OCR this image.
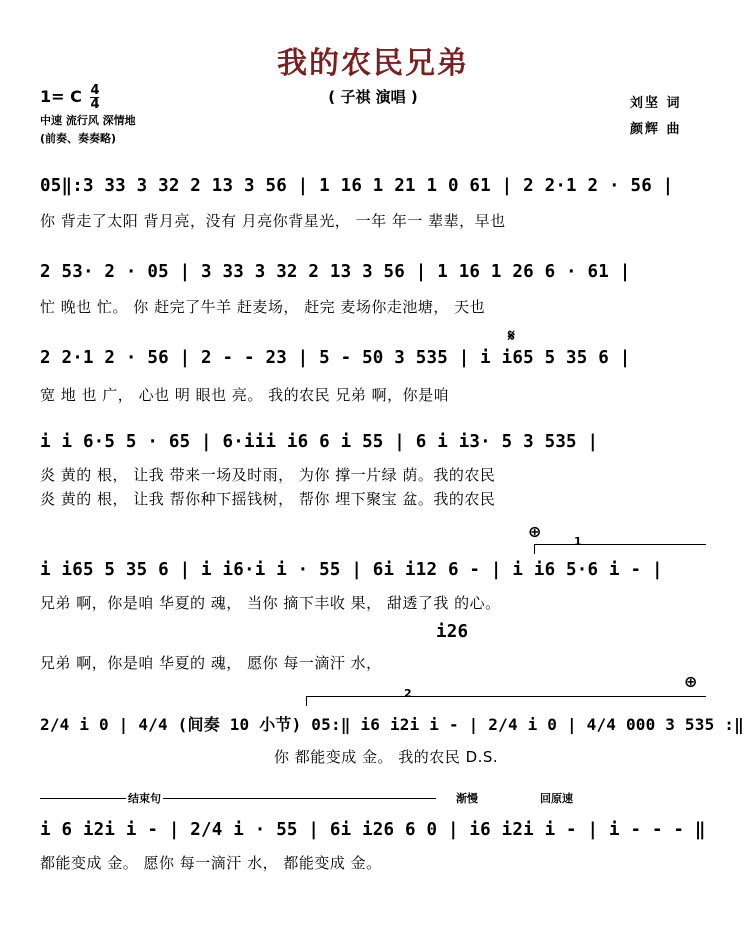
我的农民兄弟
( 子祺 演唱 )
1= C $\frac{4}{4}$
中速 流行风 深情地
(前奏、奏奏略)
刘坚 词
颜辉 曲
05‖:3 33 3 32 2 13 3 56 | 1 16 1 21 1 0 61 | 2 2·1 2 · 56 |
你 背走了太阳 背月亮，没有 月亮你背星光， 一年 年一 辈辈，早也
2 53· 2 · 05 | 3 33 3 32 2 13 3 56 | 1 16 1 26 6 · 61 |
忙 晚也 忙。 你 赶完了牛羊 赶麦场， 赶完 麦场你走池塘， 天也
𝄋
2 2·1 2 · 56 | 2 - - 23 | 5 - 50 3 535 | i i65 5 35 6 |
宽 地 也 广， 心也 明 眼也 亮。 我的农民 兄弟 啊，你是咱
i i 6·5 5 · 65 | 6·iii i6 6 i 55 | 6 i i3· 5 3 535 |
炎 黄的 根， 让我 带来一场及时雨， 为你 撑一片绿 荫。我的农民
炎 黄的 根， 让我 帮你种下摇钱树， 帮你 埋下聚宝 盆。我的农民
⊕
1
i i65 5 35 6 | i i6·i i · 55 | 6i i12 6 - | i i6 5·6 i - |
兄弟 啊，你是咱 华夏的 魂， 当你 摘下丰收 果， 甜透了我 的心。
i26
兄弟 啊，你是咱 华夏的 魂， 愿你 每一滴汗 水，
⊕
2
2/4 i 0 | 4/4 (间奏 10 小节) 05:‖ i6 i2i i - | 2/4 i 0 | 4/4 000 3 535 :‖
你 都能变成 金。 我的农民 D.S.
结束句	渐慢	回原速
i 6 i2i i - | 2/4 i · 55 | 6i i26 6 0 | i6 i2i i - | i - - - ‖
都能变成 金。 愿你 每一滴汗 水， 都能变成 金。
